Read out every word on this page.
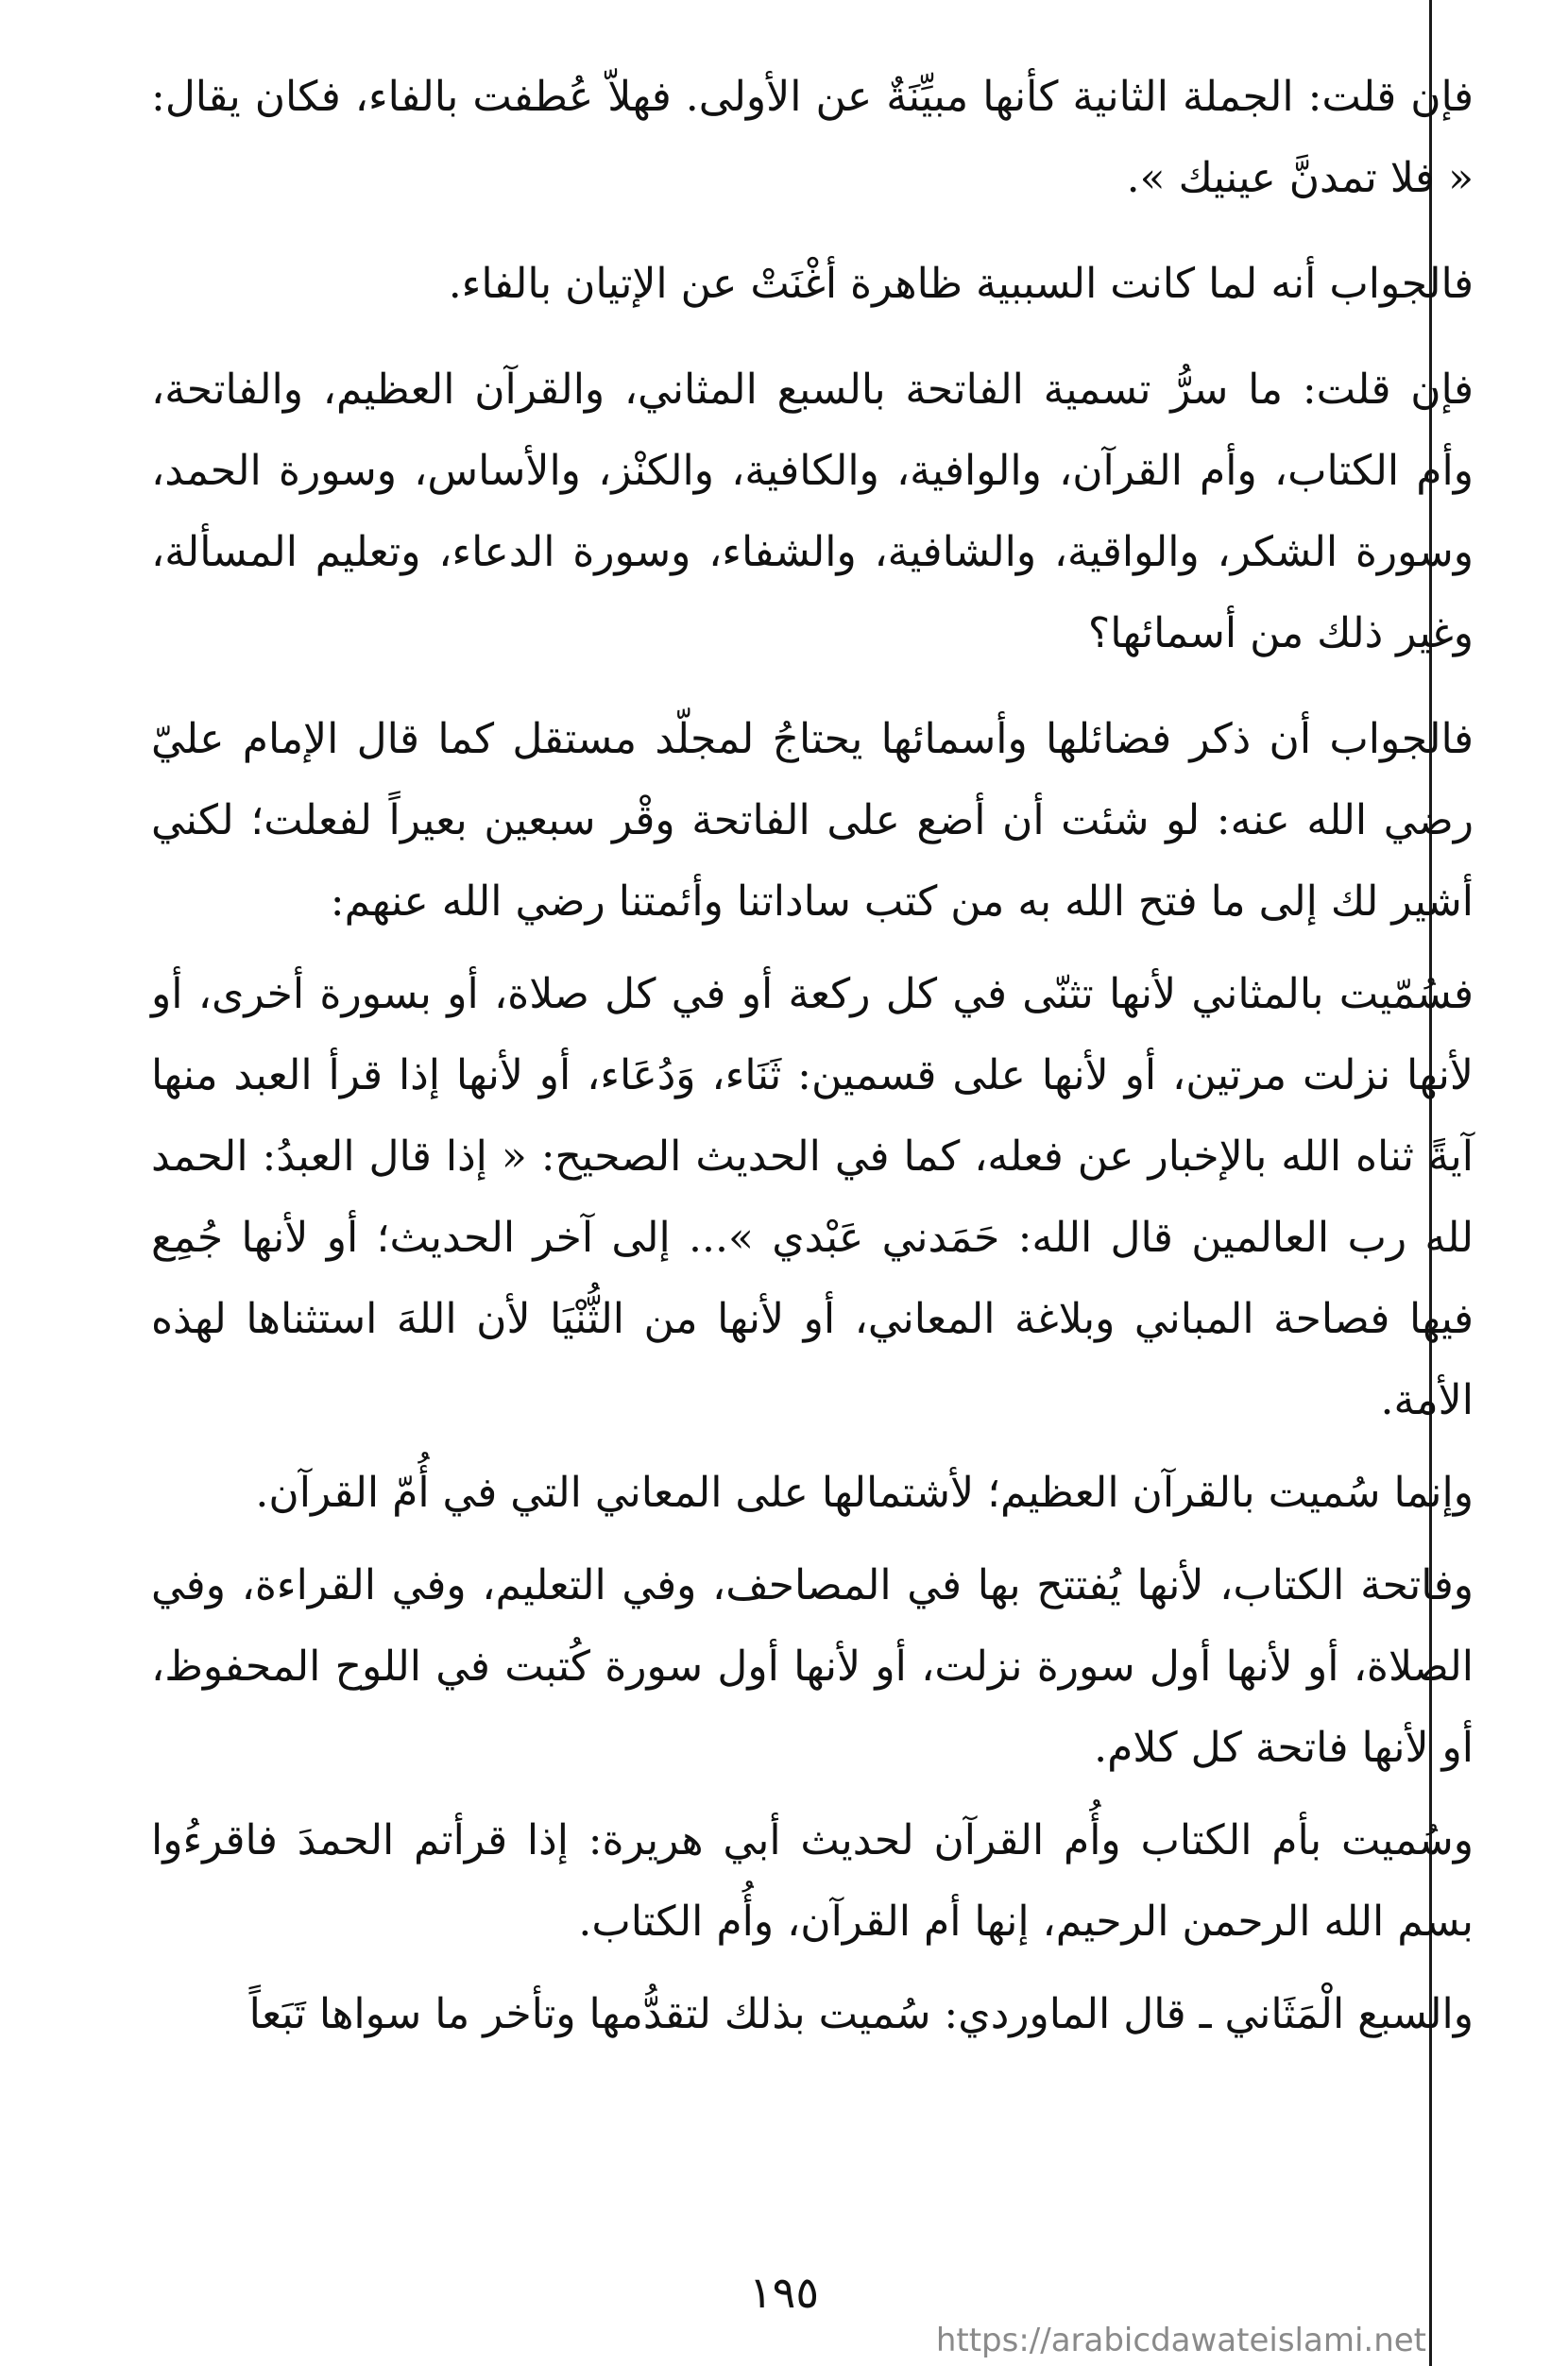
فإن قلت: الجملة الثانية كأنها مبيِّنَةٌ عن الأولى. فهلاّ عُطفت بالفاء، فكان يقال: « فلا تمدنَّ عينيك ».

فالجواب أنه لما كانت السببية ظاهرة أغْنَتْ عن الإتيان بالفاء.

فإن قلت: ما سرُّ تسمية الفاتحة بالسبع المثاني، والقرآن العظيم، والفاتحة، وأم الكتاب، وأم القرآن، والوافية، والكافية، والكنْز، والأساس، وسورة الحمد، وسورة الشكر، والواقية، والشافية، والشفاء، وسورة الدعاء، وتعليم المسألة، وغير ذلك من أسمائها؟

فالجواب أن ذكر فضائلها وأسمائها يحتاجُ لمجلّد مستقل كما قال الإمام عليّ رضي الله عنه: لو شئت أن أضع على الفاتحة وقْر سبعين بعيراً لفعلت؛ لكني أشير لك إلى ما فتح الله به من كتب ساداتنا وأئمتنا رضي الله عنهم:

فسُمّيت بالمثاني لأنها تثنّى في كل ركعة أو في كل صلاة، أو بسورة أخرى، أو لأنها نزلت مرتين، أو لأنها على قسمين: ثَنَاء، وَدُعَاء، أو لأنها إذا قرأ العبد منها آيةً ثناه الله بالإخبار عن فعله، كما في الحديث الصحيح: « إذا قال العبدُ: الحمد لله رب العالمين قال الله: حَمَدني عَبْدي »... إلى آخر الحديث؛ أو لأنها جُمِع فيها فصاحة المباني وبلاغة المعاني، أو لأنها من الثُّنْيَا لأن اللهَ استثناها لهذه الأمة.

وإنما سُميت بالقرآن العظيم؛ لأشتمالها على المعاني التي في أُمّ القرآن.

وفاتحة الكتاب، لأنها يُفتتح بها في المصاحف، وفي التعليم، وفي القراءة، وفي الصلاة، أو لأنها أول سورة نزلت، أو لأنها أول سورة كُتبت في اللوح المحفوظ، أو لأنها فاتحة كل كلام.

وسُميت بأم الكتاب وأُم القرآن لحديث أبي هريرة: إذا قرأتم الحمدَ فاقرءُوا بسم الله الرحمن الرحيم، إنها أم القرآن، وأُم الكتاب.

والسبع الْمَثَاني ـ قال الماوردي: سُميت بذلك لتقدُّمها وتأخر ما سواها تَبَعاً

١٩٥
https://arabicdawateislami.net
